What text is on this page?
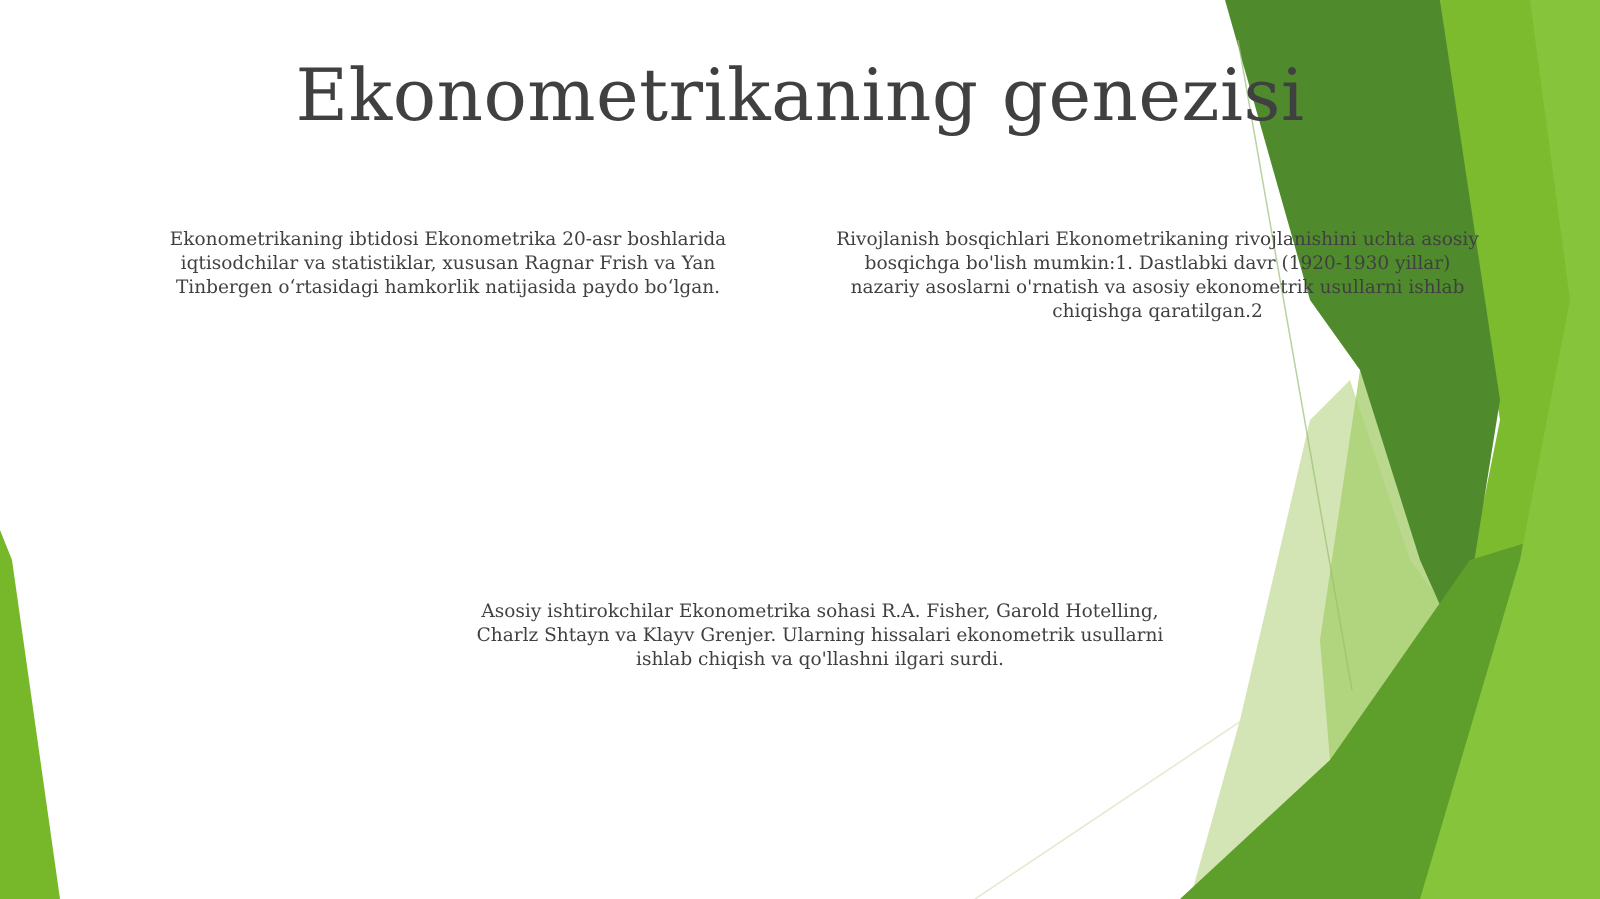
Ekonometrikaning genezisi

Ekonometrikaning ibtidosi Ekonometrika 20-asr boshlarida iqtisodchilar va statistiklar, xususan Ragnar Frish va Yan Tinbergen o‘rtasidagi hamkorlik natijasida paydo bo‘lgan.

Rivojlanish bosqichlari Ekonometrikaning rivojlanishini uchta asosiy bosqichga bo'lish mumkin:1. Dastlabki davr (1920-1930 yillar) nazariy asoslarni o'rnatish va asosiy ekonometrik usullarni ishlab chiqishga qaratilgan.2

Asosiy ishtirokchilar Ekonometrika sohasi R.A. Fisher, Garold Hotelling, Charlz Shtayn va Klayv Grenjer. Ularning hissalari ekonometrik usullarni ishlab chiqish va qo'llashni ilgari surdi.
